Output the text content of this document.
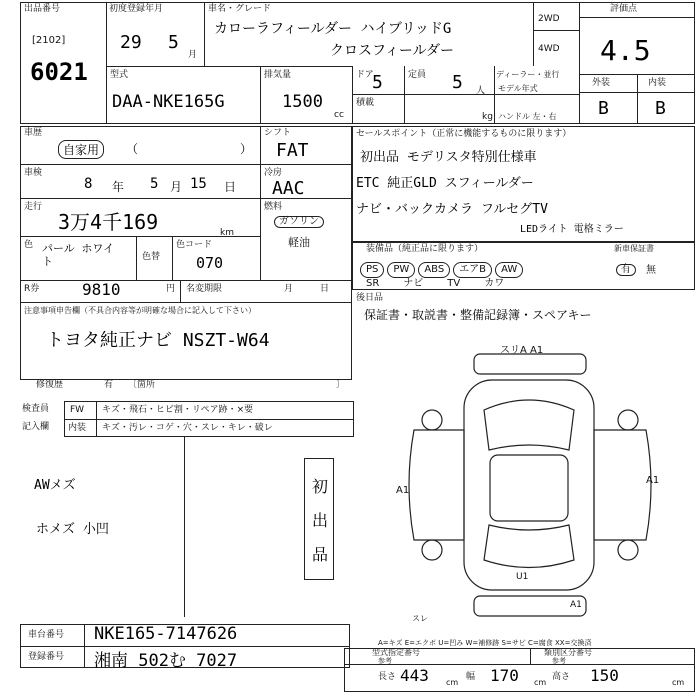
出品番号
[2102]
6021
初度登録年月
29 5
月
車名・グレード
カローラフィールダー ハイブリッドG
クロスフィールダー
2WD
4WD
評価点
4.5
外装	内装
B	B
型式
DAA-NKE165G
排気量
1500
cc
ドア
5	定員 5 人
積載
kg
ディーラー・並行
モデル年式
ハンドル 左・右
車歴
自家用	（	）
シフト
FAT
車検
8 年 5 月 15 日
冷房
AAC
走行
3万4千169	km
燃料
ガソリン
軽油
色 パール ホワイト	色替
色コード
070
R券	9810	円 名変期限	月	日
注意事項申告欄（不具合内容等が明確な場合に記入して下さい）
トヨタ純正ナビ NSZT-W64
修復歴	有 〔箇所	〕
検査員
記入欄
FW キズ・飛石・ヒビ割・リペア跡・×要
内装 キズ・汚レ・コゲ・穴・スレ・キレ・破レ
AWメズ
ホメズ 小凹
初出品
セールスポイント（正常に機能するものに限ります）
初出品 モデリスタ特別仕様車
ETC 純正GLD スフィールダー
ナビ・バックカメラ フルセグTV
LEDライト 電格ミラー
装備品（純正品に限ります）	新車保証書
PS PW ABS エアB AW
SR ナビ TV カワ
有	無
後日品
保証書・取説書・整備記録簿・スペアキー
スリA A1
A1
A1
U1
スレ
A1
A=キズ E=エクボ U=凹み W=補修跡 S=サビ C=腐食 XX=交換済
車台番号 NKE165-7147626
登録番号 湘南 502む 7027	型式指定番号
参考
類別区分番号
参考
長さ 443 cm
幅 170 cm
高さ 150	cm
